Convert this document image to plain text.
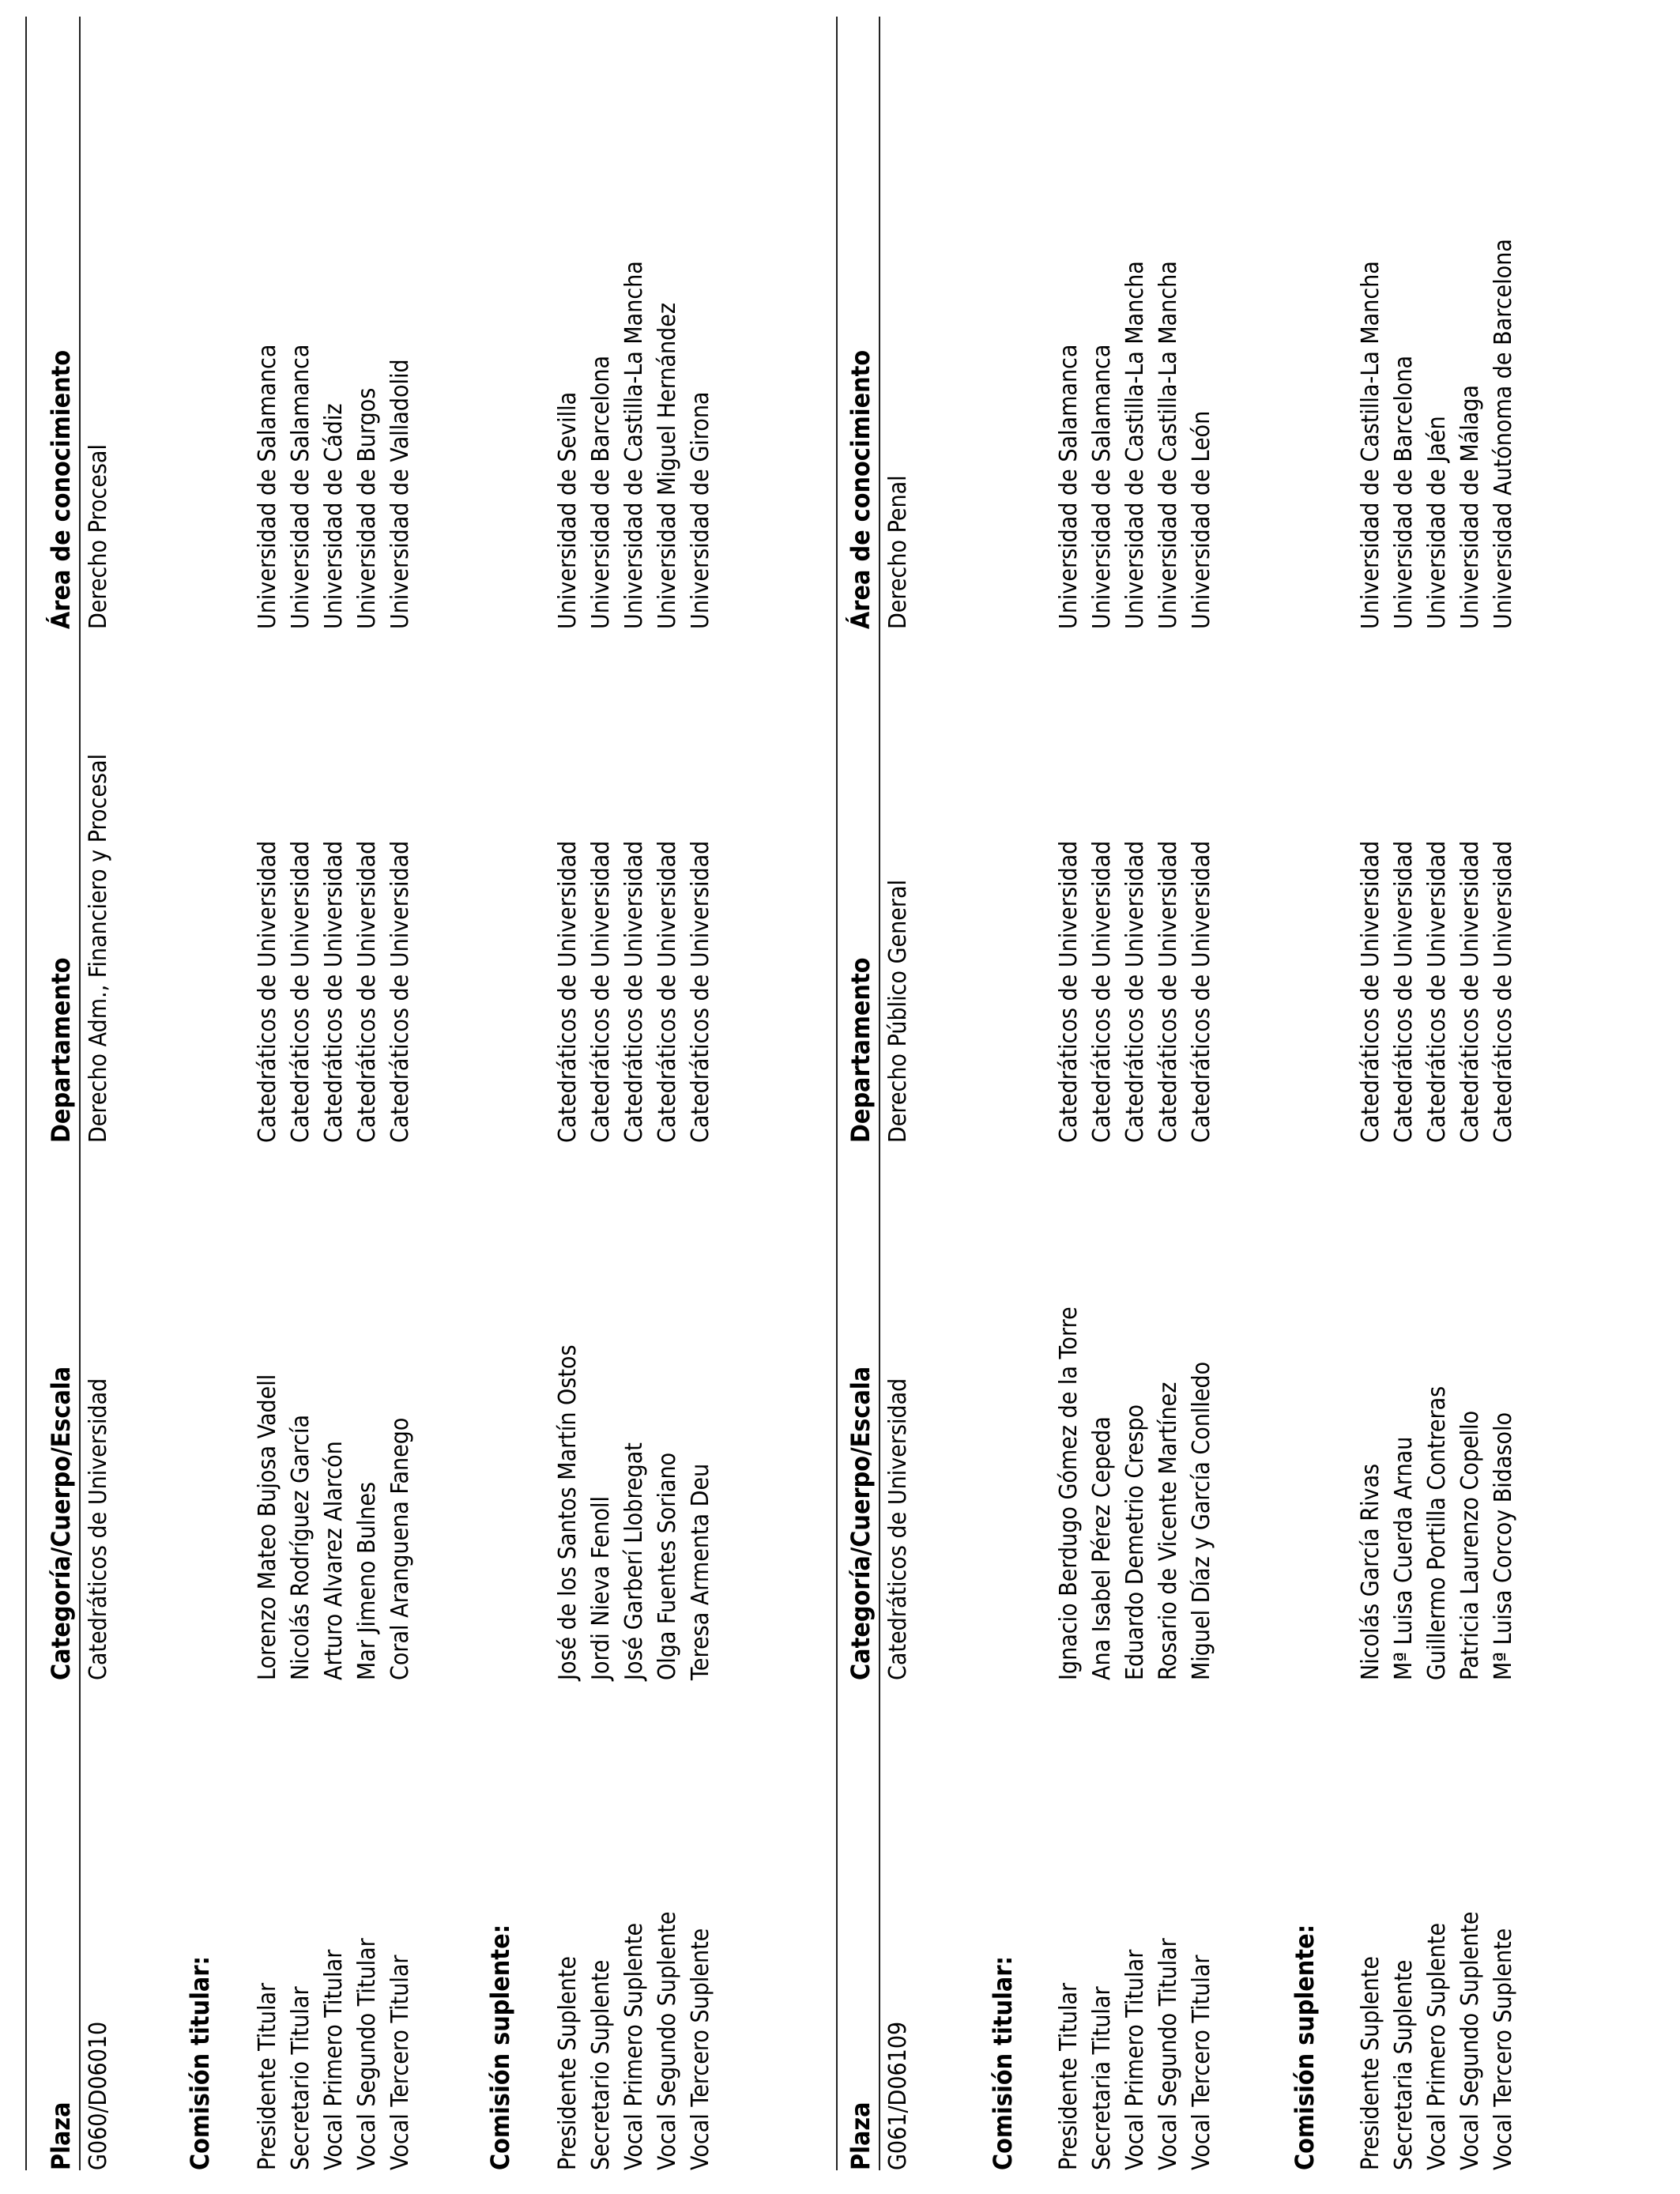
Plaza
Categoría/Cuerpo/Escala
Departamento
Área de conocimiento
G060/D06010
Catedráticos de Universidad
Derecho Adm., Financiero y Procesal
Derecho Procesal
Comisión titular: Presidente Titular Secretario Titular Vocal Primero Titular Vocal Segundo Titular Vocal Tercero Titular
Lorenzo Mateo Bujosa Vadell Nicolás Rodríguez García Arturo Alvarez Alarcón Mar Jimeno Bulnes Coral Aranguena Fanego
Catedráticos de Universidad Catedráticos de Universidad Catedráticos de Universidad Catedráticos de Universidad Catedráticos de Universidad
Universidad de Salamanca Universidad de Salamanca Universidad de Cádiz Universidad de Burgos Universidad de Valladolid
Comisión suplente: Presidente Suplente Secretario Suplente Vocal Primero Suplente Vocal Segundo Suplente Vocal Tercero Suplente
José de los Santos Martín Ostos Jordi Nieva Fenoll José Garberí Llobregat Olga Fuentes Soriano Teresa Armenta Deu
Catedráticos de Universidad Catedráticos de Universidad Catedráticos de Universidad Catedráticos de Universidad Catedráticos de Universidad
Universidad de Sevilla Universidad de Barcelona Universidad de Castilla-La Mancha Universidad Miguel Hernández Universidad de Girona
Plaza
Categoría/Cuerpo/Escala
Departamento
Área de conocimiento
G061/D06109
Catedráticos de Universidad
Derecho Público General
Derecho Penal
Comisión titular: Presidente Titular Secretaria Titular Vocal Primero Titular Vocal Segundo Titular Vocal Tercero Titular
Ignacio Berdugo Gómez de la Torre Ana Isabel Pérez Cepeda Eduardo Demetrio Crespo Rosario de Vicente Martínez Miguel Díaz y García Conlledo
Catedráticos de Universidad Catedráticos de Universidad Catedráticos de Universidad Catedráticos de Universidad Catedráticos de Universidad
Universidad de Salamanca Universidad de Salamanca Universidad de Castilla-La Mancha Universidad de Castilla-La Mancha Universidad de León
Comisión suplente: Presidente Suplente Secretaria Suplente Vocal Primero Suplente Vocal Segundo Suplente Vocal Tercero Suplente
Nicolás García Rivas Mª Luisa Cuerda Arnau Guillermo Portilla Contreras Patricia Laurenzo Copello Mª Luisa Corcoy Bidasolo
Catedráticos de Universidad Catedráticos de Universidad Catedráticos de Universidad Catedráticos de Universidad Catedráticos de Universidad
Universidad de Castilla-La Mancha Universidad de Barcelona Universidad de Jaén Universidad de Málaga Universidad Autónoma de Barcelona
